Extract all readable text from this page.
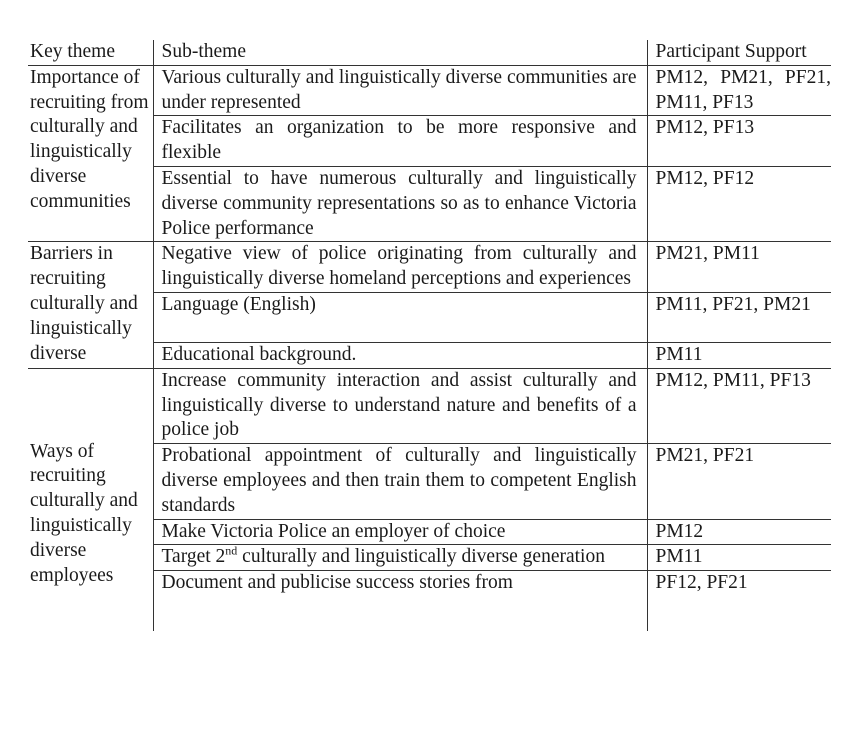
Key theme	Sub-theme	Participant Support
Importance of recruiting from culturally and linguistically diverse communities	Various culturally and linguistically diverse communities are under represented	PM12, PM21, PF21, PM11, PF13
	Facilitates an organization to be more responsive and flexible	PM12, PF13
	Essential to have numerous culturally and linguistically diverse community representations so as to enhance Victoria Police performance	PM12, PF12
Barriers in recruiting culturally and linguistically diverse	Negative view of police originating from culturally and linguistically diverse homeland perceptions and experiences	PM21, PM11
	Language (English)	PM11, PF21, PM21
	Educational background.	PM11
Ways of recruiting culturally and linguistically diverse employees	Increase community interaction and assist culturally and linguistically diverse to understand nature and benefits of a police job	PM12, PM11, PF13
	Probational appointment of culturally and linguistically diverse employees and then train them to competent English standards	PM21, PF21
	Make Victoria Police an employer of choice	PM12
	Target 2nd culturally and linguistically diverse generation	PM11
	Document and publicise success stories from	PF12, PF21
